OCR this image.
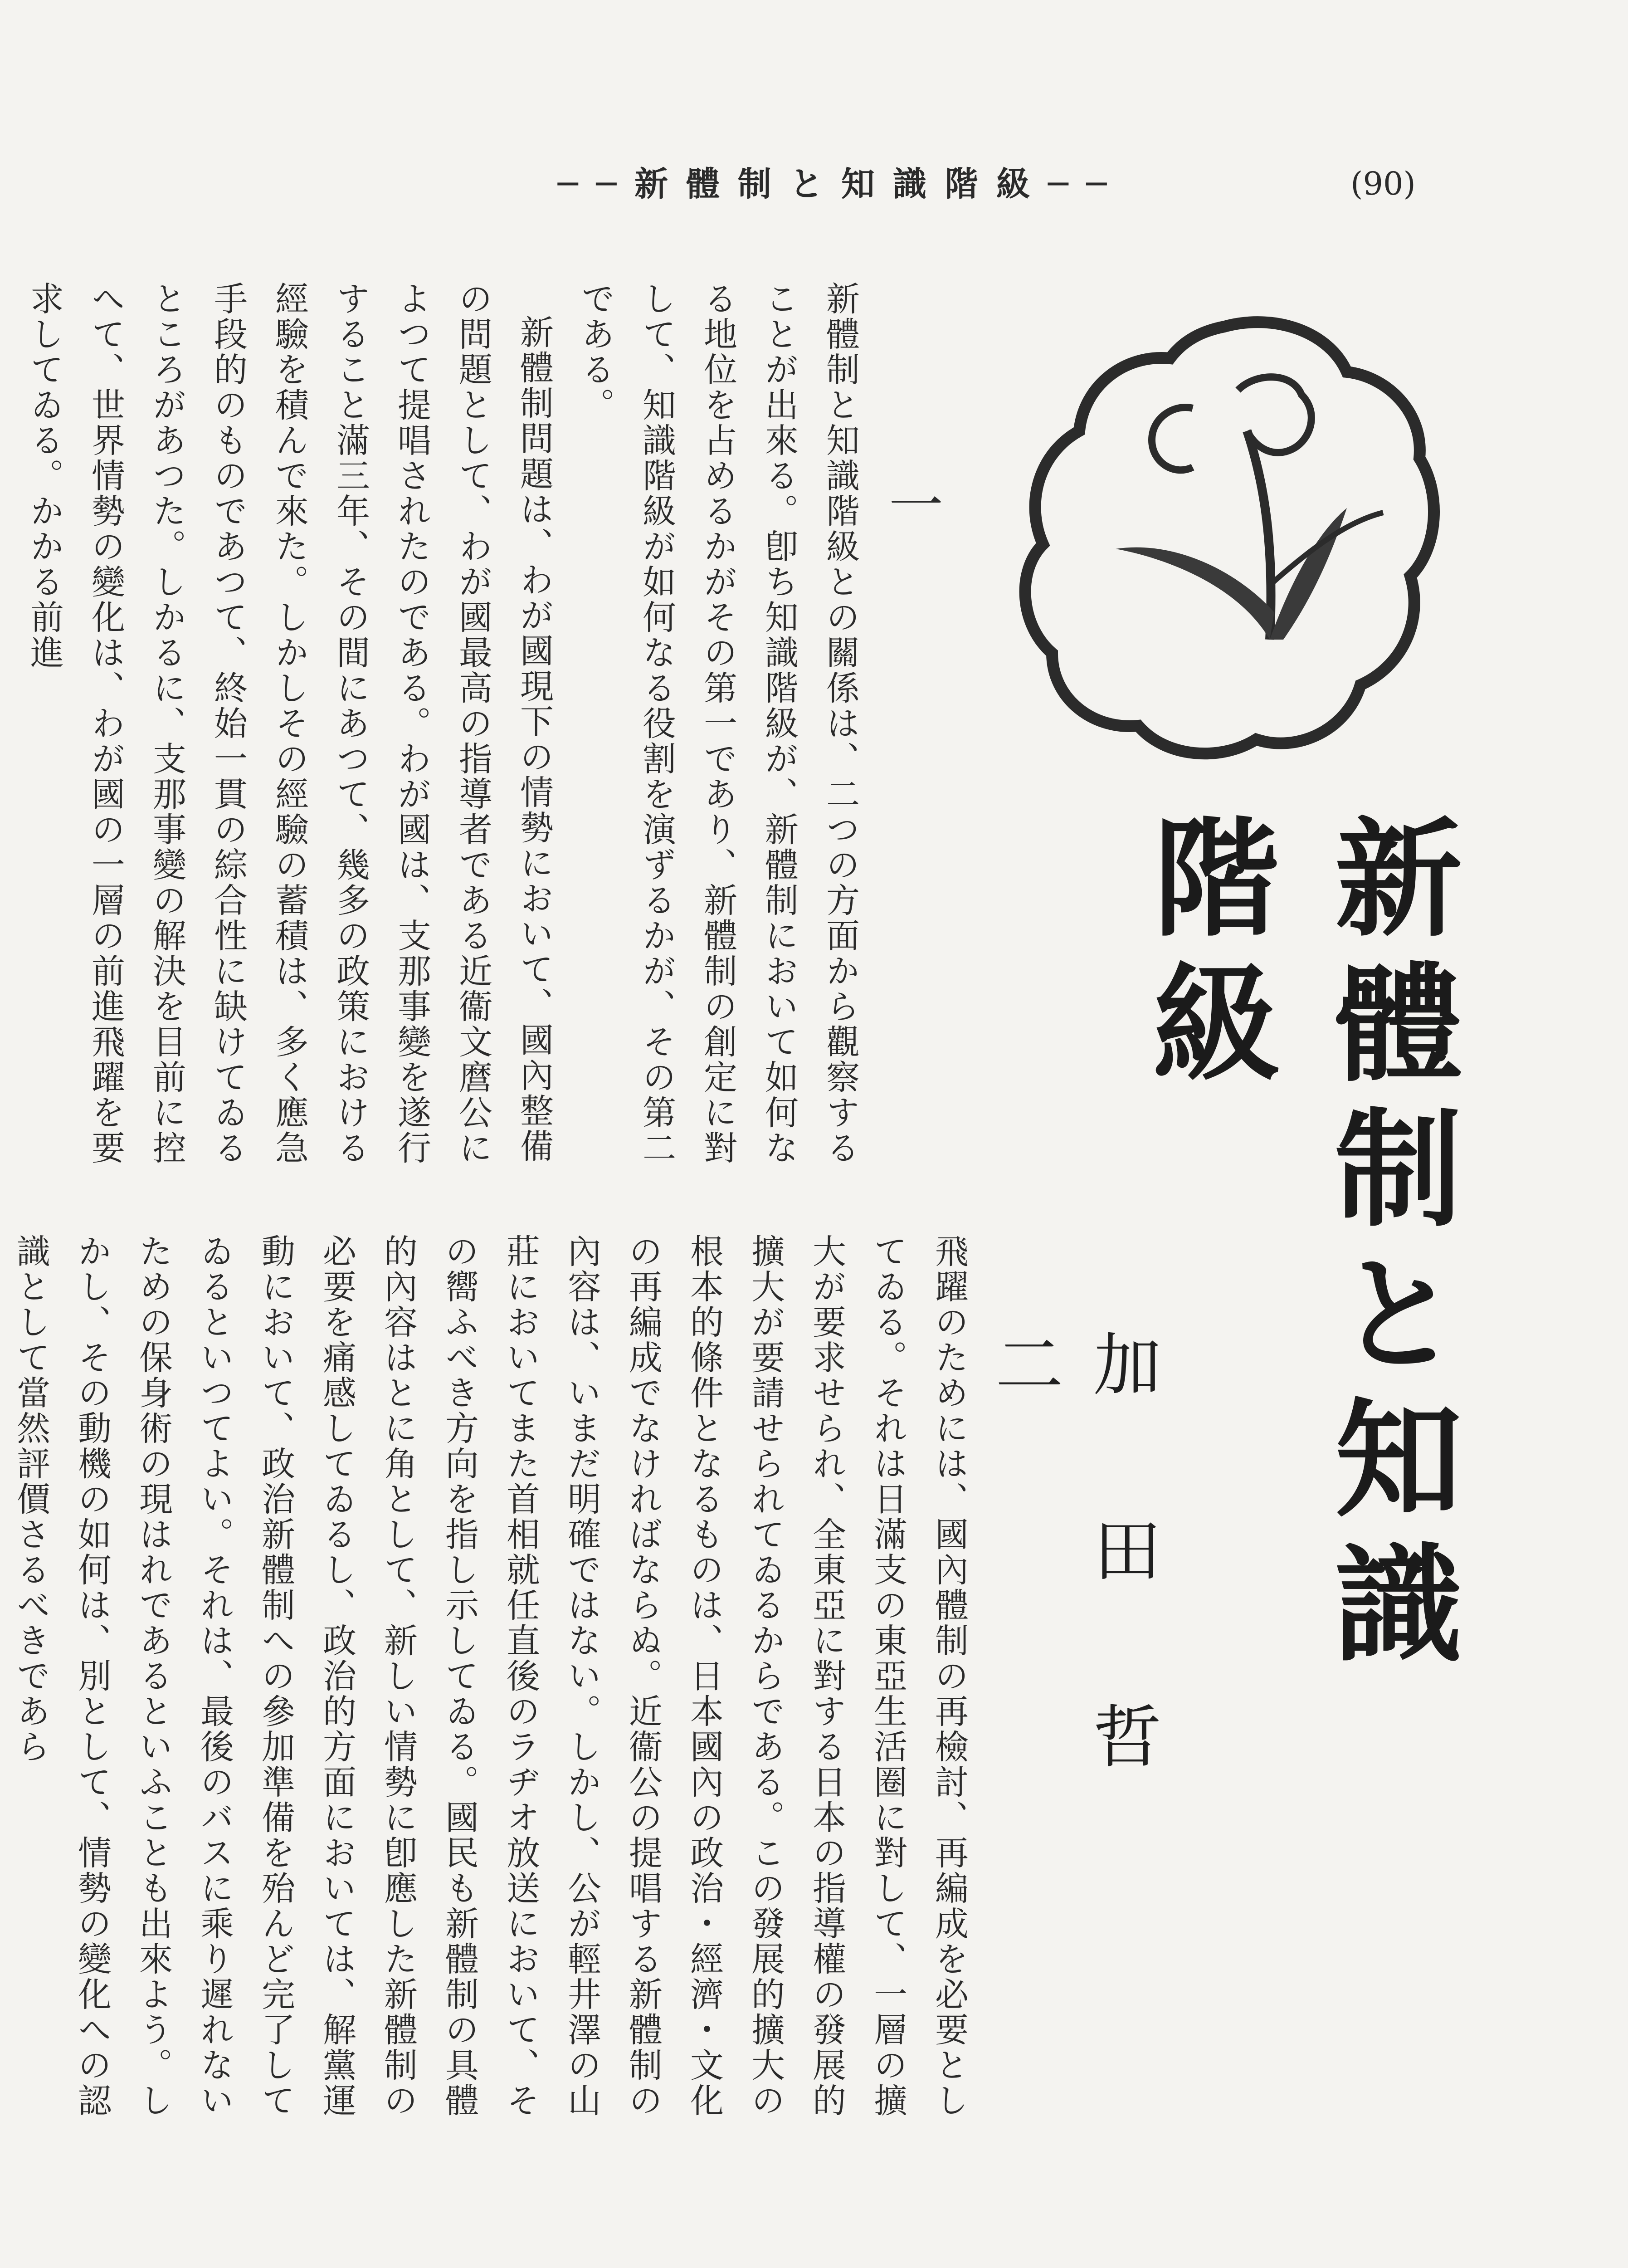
──新體制と知識階級──	(90)
新體制と知識階級
加田哲二
一

新體制と知識階級との關係は、二つの方面から觀察することが出來る。卽ち知識階級が、新體制において如何なる地位を占めるかがその第一であり、新體制の創定に對して、知識階級が如何なる役割を演ずるかが、その第二である。

新體制問題は、わが國現下の情勢において、國內整備の問題として、わが國最高の指導者である近衞文麿公によつて提唱されたのである。わが國は、支那事變を遂行すること滿三年、その間にあつて、幾多の政策における經驗を積んで來た。しかしその經驗の蓄積は、多く應急手段的のものであつて、終始一貫の綜合性に缺けてゐるところがあつた。しかるに、支那事變の解決を目前に控へて、世界情勢の變化は、わが國の一層の前進飛躍を要求してゐる。かかる前進

飛躍のためには、國內體制の再檢討、再編成を必要としてゐる。それは日滿支の東亞生活圈に對して、一層の擴大が要求せられ、全東亞に對する日本の指導權の發展的擴大が要請せられてゐるからである。この發展的擴大の根本的條件となるものは、日本國內の政治・經濟・文化の再編成でなければならぬ。近衞公の提唱する新體制の內容は、いまだ明確ではない。しかし、公が輕井澤の山莊においてまた首相就任直後のラヂオ放送において、その嚮ふべき方向を指し示してゐる。國民も新體制の具體的內容はとに角として、新しい情勢に卽應した新體制の必要を痛感してゐるし、政治的方面においては、解黨運動において、政治新體制への參加準備を殆んど完了してゐるといつてよい。それは、最後のバスに乘り遲れないための保身術の現はれであるといふことも出來よう。しかし、その動機の如何は、別として、情勢の變化への認識として當然評價さるべきであら
